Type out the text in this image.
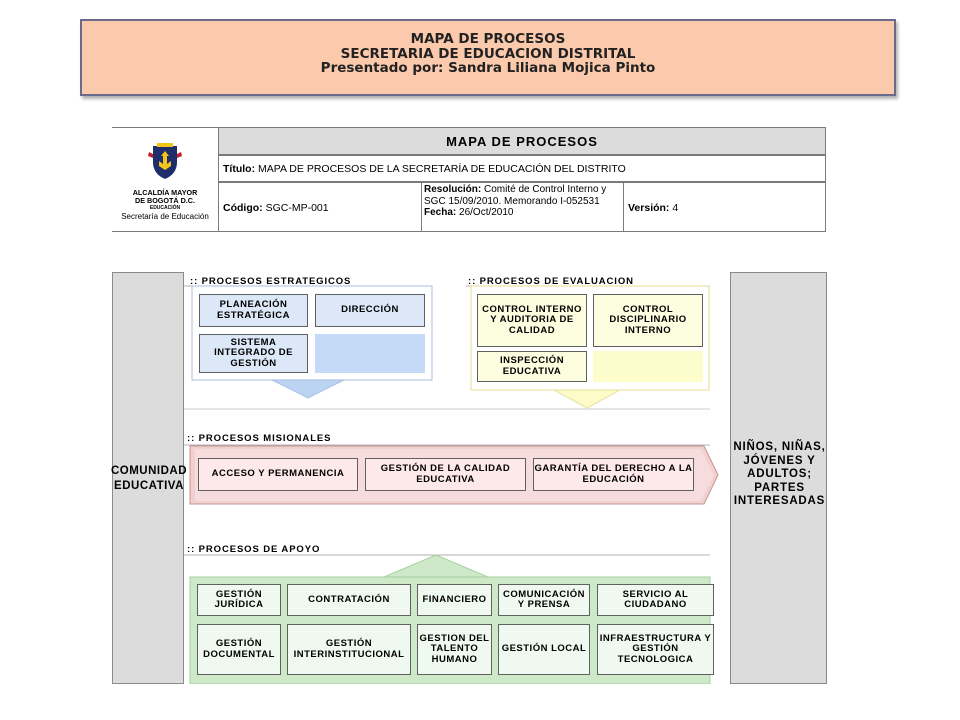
MAPA DE PROCESOS
SECRETARIA DE EDUCACION DISTRITAL
Presentado por: Sandra Liliana Mojica Pinto
ALCALDÍA MAYOR
DE BOGOTÁ D.C.
EDUCACIÓN
Secretaría de Educación
MAPA DE PROCESOS
Título: MAPA DE PROCESOS DE LA SECRETARÍA DE EDUCACIÓN DEL DISTRITO
Código: SGC-MP-001
Resolución: Comité de Control Interno y SGC 15/09/2010. Memorando I-052531
Fecha: 26/Oct/2010	Versión: 4
COMUNIDAD
EDUCATIVA
NIÑOS, NIÑAS,
JÓVENES Y
ADULTOS;
PARTES
INTERESADAS
:: PROCESOS ESTRATEGICOS	:: PROCESOS DE EVALUACION
:: PROCESOS MISIONALES
:: PROCESOS DE APOYO
PLANEACIÓN ESTRATÉGICA	DIRECCIÓN
SISTEMA INTEGRADO DE GESTIÓN
CONTROL INTERNO Y AUDITORIA DE CALIDAD
CONTROL DISCIPLINARIO INTERNO
INSPECCIÓN EDUCATIVA
ACCESO Y PERMANENCIA	GESTIÓN DE LA CALIDAD EDUCATIVA
GARANTÍA DEL DERECHO A LA EDUCACIÓN
GESTIÓN JURÍDICA	CONTRATACIÓN	FINANCIERO	COMUNICACIÓN Y PRENSA
SERVICIO AL CIUDADANO
GESTIÓN DOCUMENTAL
GESTIÓN INTERINSTITUCIONAL
GESTION DEL TALENTO HUMANO
GESTIÓN LOCAL
INFRAESTRUCTURA Y GESTIÓN TECNOLOGICA
